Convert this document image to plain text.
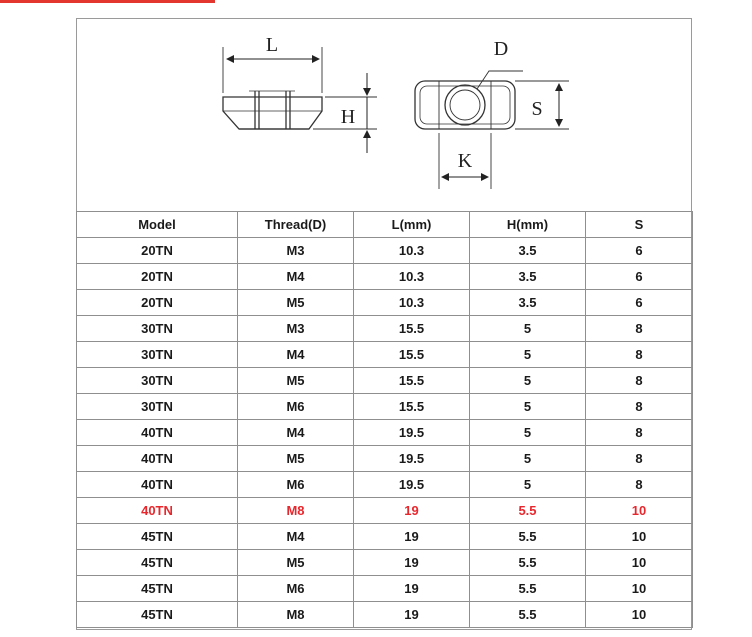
L
H
D
S
K
Model	Thread(D)	L(mm)	H(mm)	S
20TN	M3	10.3	3.5	6
20TN	M4	10.3	3.5	6
20TN	M5	10.3	3.5	6
30TN	M3	15.5	5	8
30TN	M4	15.5	5	8
30TN	M5	15.5	5	8
30TN	M6	15.5	5	8
40TN	M4	19.5	5	8
40TN	M5	19.5	5	8
40TN	M6	19.5	5	8
40TN	M8	19	5.5	10
45TN	M4	19	5.5	10
45TN	M5	19	5.5	10
45TN	M6	19	5.5	10
45TN	M8	19	5.5	10
